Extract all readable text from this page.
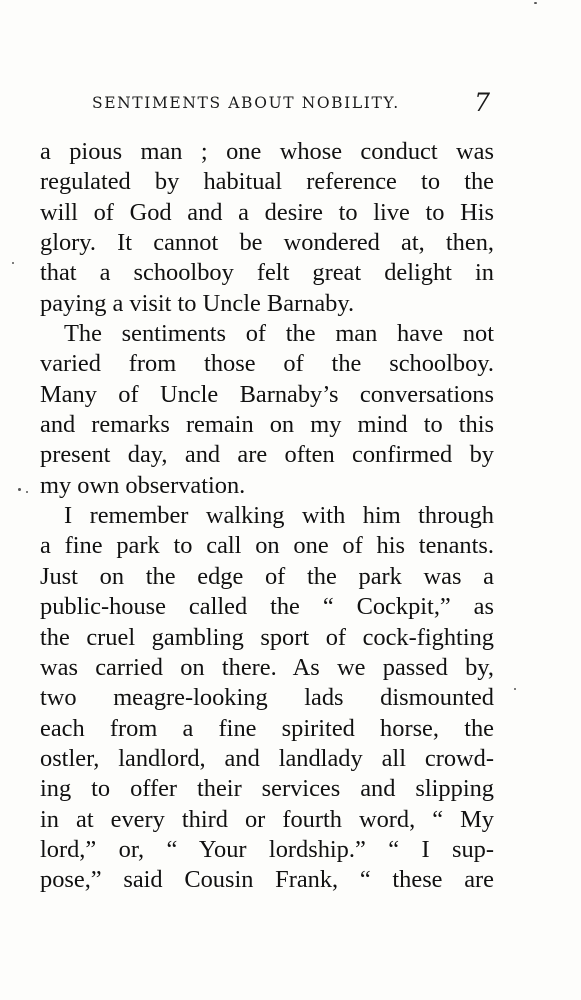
SENTIMENTS ABOUT NOBILITY.	7
a pious man ; one whose conduct was
regulated by habitual reference to the
will of God and a desire to live to His
glory. It cannot be wondered at, then,
that a schoolboy felt great delight in
paying a visit to Uncle Barnaby.
The sentiments of the man have not
varied from those of the schoolboy.
Many of Uncle Barnaby’s conversations
and remarks remain on my mind to this
present day, and are often confirmed by
my own observation.
I remember walking with him through
a fine park to call on one of his tenants.
Just on the edge of the park was a
public-house called the “ Cockpit,” as
the cruel gambling sport of cock-fighting
was carried on there. As we passed by,
two meagre-looking lads dismounted
each from a fine spirited horse, the
ostler, landlord, and landlady all crowd-
ing to offer their services and slipping
in at every third or fourth word, “ My
lord,” or, “ Your lordship.” “ I sup-
pose,” said Cousin Frank, “ these are
